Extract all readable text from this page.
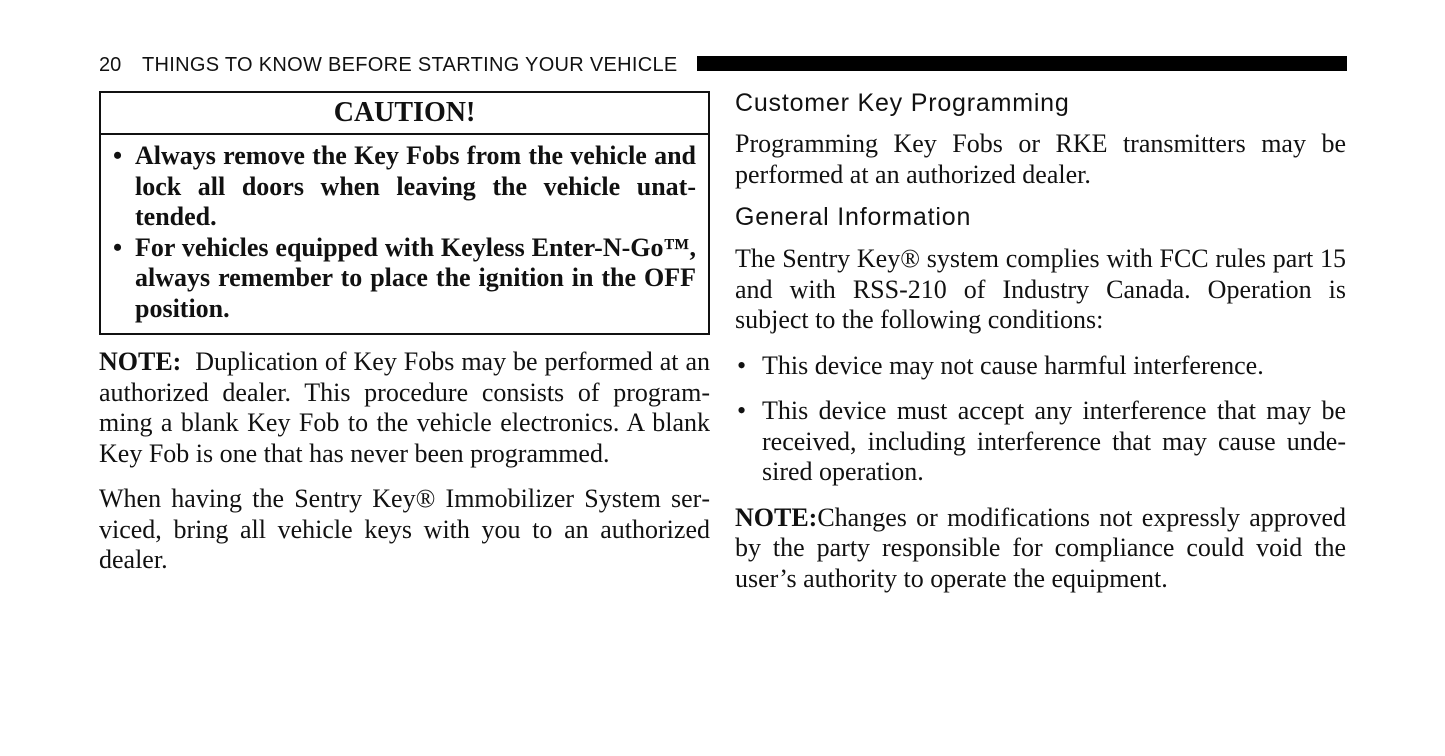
20 THINGS TO KNOW BEFORE STARTING YOUR VEHICLE
CAUTION!
• Always remove the Key Fobs from the vehicle and lock all doors when leaving the vehicle unattended.
• For vehicles equipped with Keyless Enter-N-Go™, always remember to place the ignition in the OFF position.

NOTE: Duplication of Key Fobs may be performed at an authorized dealer. This procedure consists of programming a blank Key Fob to the vehicle electronics. A blank Key Fob is one that has never been programmed.

When having the Sentry Key® Immobilizer System serviced, bring all vehicle keys with you to an authorized dealer.

Customer Key Programming

Programming Key Fobs or RKE transmitters may be performed at an authorized dealer.

General Information

The Sentry Key® system complies with FCC rules part 15 and with RSS-210 of Industry Canada. Operation is subject to the following conditions:

• This device may not cause harmful interference.
• This device must accept any interference that may be received, including interference that may cause undesired operation.

NOTE:Changes or modifications not expressly approved by the party responsible for compliance could void the user’s authority to operate the equipment.
